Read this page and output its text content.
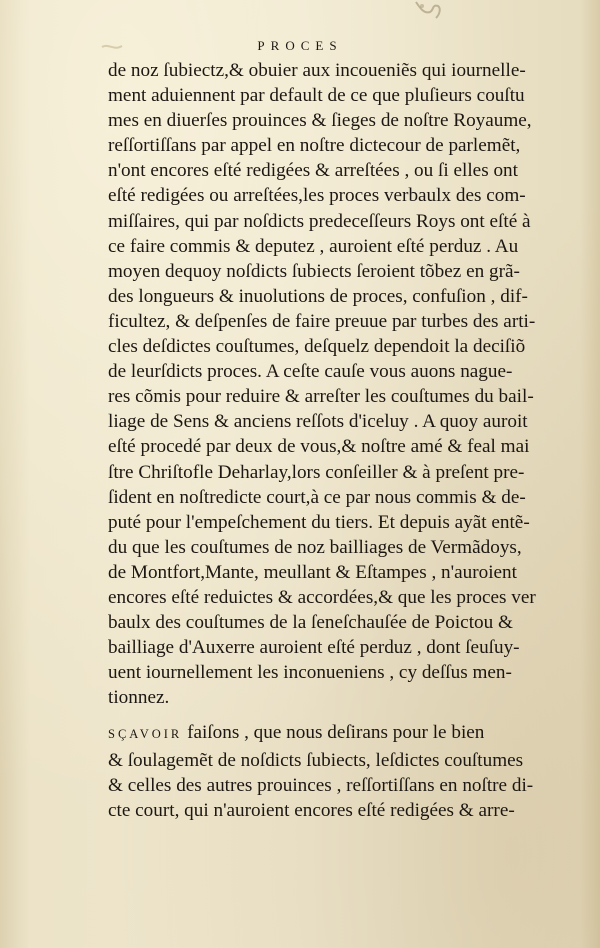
PROCES
de noz ſubiectz,& obuier aux incoueniẽs qui iournelle-
ment aduiennent par default de ce que pluſieurs couſtu
mes en diuerſes prouinces & ſieges de noſtre Royaume,
reſſortiſſans par appel en noſtre dictecour de parlemẽt,
n'ont encores eſté redigées & arreſtées , ou ſi elles ont
eſté redigées ou arreſtées,les proces verbaulx des com-
miſſaires, qui par noſdicts predeceſſeurs Roys ont eſté à
ce faire commis & deputez , auroient eſté perduz . Au
moyen dequoy noſdicts ſubiects ſeroient tõbez en grã-
des longueurs & inuolutions de proces, confuſion , dif-
ficultez, & deſpenſes de faire preuue par turbes des arti-
cles deſdictes couſtumes, deſquelz dependoit la deciſiõ
de leurſdicts proces. A ceſte cauſe vous auons nague-
res cõmis pour reduire & arreſter les couſtumes du bail-
liage de Sens & anciens reſſots d'iceluy . A quoy auroit
eſté procedé par deux de vous,& noſtre amé & feal mai
ſtre Chriſtofle Deharlay,lors conſeiller & à preſent pre-
ſident en noſtredicte court,à ce par nous commis & de-
puté pour l'empeſchement du tiers. Et depuis ayãt entẽ-
du que les couſtumes de noz bailliages de Vermãdoys,
de Montfort,Mante, meullant & Eſtampes , n'auroient
encores eſté reduictes & accordées,& que les proces ver
baulx des couſtumes de la ſeneſchauſée de Poictou &
bailliage d'Auxerre auroient eſté perduz , dont ſeuſuy-
uent iournellement les inconueniens , cy deſſus men-
tionnez.
SÇAVOIR faiſons , que nous deſirans pour le bien
& ſoulagemẽt de noſdicts ſubiects, leſdictes couſtumes
& celles des autres prouinces , reſſortiſſans en noſtre di-
cte court, qui n'auroient encores eſté redigées & arre-
